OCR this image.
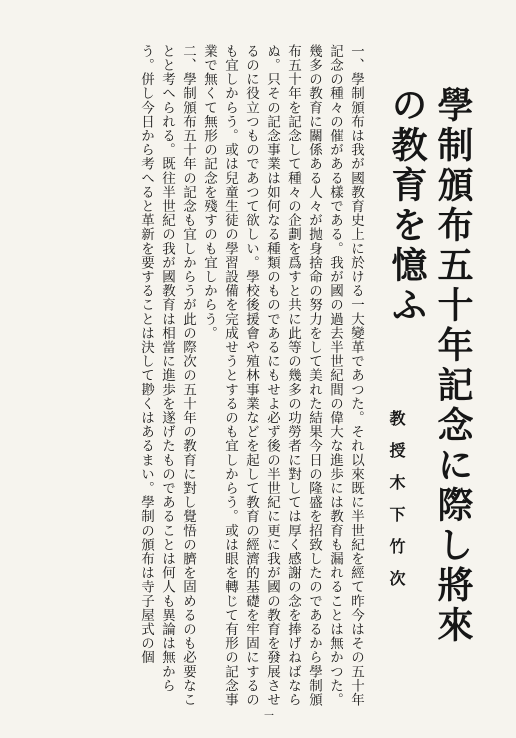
學制頒布五十年記念に際し將來の教育を憶ふ
教授木下竹次

一、學制頒布は我が國教育史上に於ける一大變革であつた。それ以來既に半世紀を經て昨今はその五十年記念の種々の催がある樣である。我が國の過去半世紀間の偉大な進歩には教育も漏れることは無かつた。幾多の教育に關係ある人々が抛身捨命の努力をして美れた結果今日の隆盛を招致したのであるから學制頒布五十年を記念して種々の企劃を爲すと共に此等の幾多の功勞者に對しては厚く感謝の念を捧げねばならぬ。只その記念事業は如何なる種類のものであるにもせよ必ず後の半世紀に更に我が國の教育を發展させるのに役立つものであつて欲しい。學校後援會や殖林事業などを起して教育の經濟的基礎を牢固にするのも宜しからう。或は兒童生徒の學習設備を完成せうとするのも宜しからう。或は眼を轉じて有形の記念事業で無くて無形の記念を殘すのも宜しからう。

二、學制頒布五十年の記念も宜しからうが此の際次の五十年の教育に對し覺悟の臍を固めるのも必要なことと考へられる。既往半世紀の我が國教育は相當に進歩を遂げたものであることは何人も異論は無からう。併し今日から考へると革新を要することは決して尠くはあるまい。學制の頒布は寺子屋式の個

一
